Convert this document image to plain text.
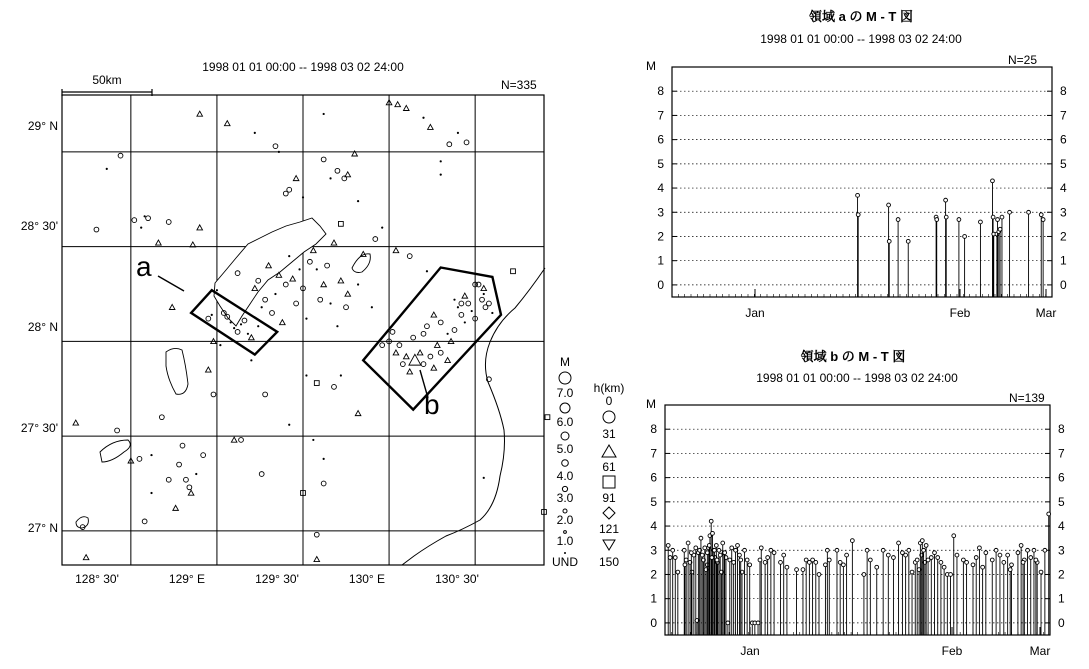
1998 01 01 00:00 -- 1998 03 02 24:00
N=335
50km
a
b
128° 30'	129° E	129° 30'	130° E	130° 30'
29° N
28° 30'
28° N
27° 30'
27° N
M
7.0
6.0
5.0
4.0
3.0
2.0
1.0
UND
h(km)
0
31
61
91
121
150
領域 a の M - T 図
1998 01 01 00:00 -- 1998 03 02 24:00
N=25
M
0	0
1	1
2	2
3	3
4	4
5	5
6	6
7	7
8	8
Jan	Feb	Mar
領域 b の M - T 図
1998 01 01 00:00 -- 1998 03 02 24:00
N=139
M
0	0
1	1
2	2
3	3
4	4
5	5
6	6
7	7
8	8
Jan	Feb	Mar
